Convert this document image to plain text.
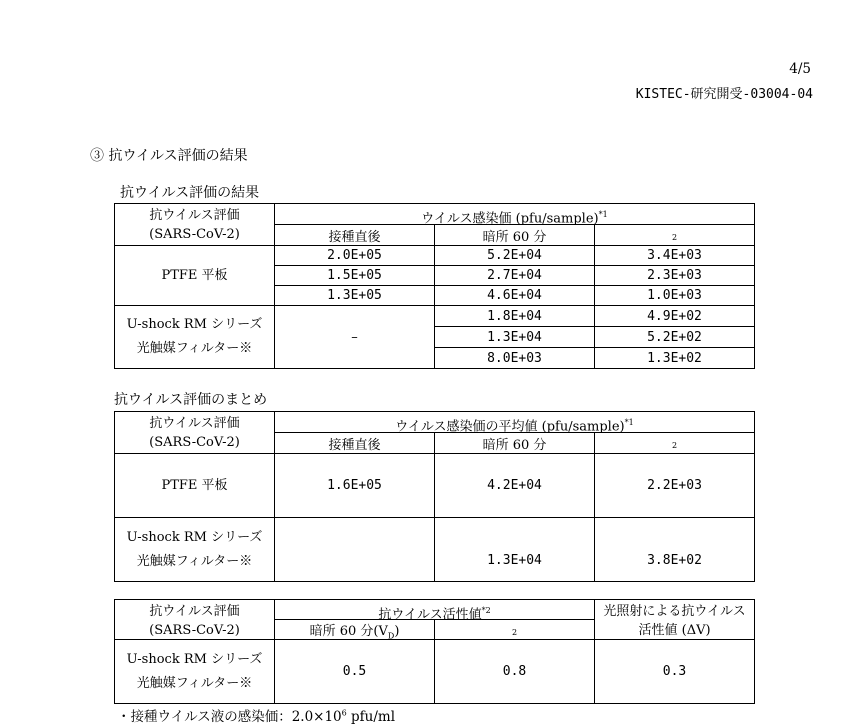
4/5
KISTEC-研究開受-03004-04
③ 抗ウイルス評価の結果
抗ウイルス評価の結果
抗ウイルス評価
(SARS-CoV-2)	ウイルス感染価 (pfu/sample)$^{*1}$

	接種直後	暗所 60 分	2

PTFE 平板	2.0E+05	5.2E+04	3.4E+03
	1.5E+05	2.7E+04	2.3E+03
	1.3E+05	4.6E+04	1.0E+03

U-shock RM シリーズ
光触媒フィルター※	–	1.8E+04	4.9E+02
		1.3E+04	5.2E+02
		8.0E+03	1.3E+02
抗ウイルス評価のまとめ
抗ウイルス評価
(SARS-CoV-2)	ウイルス感染価の平均値 (pfu/sample)$^{*1}$

	接種直後	暗所 60 分	2

PTFE 平板	1.6E+05	4.2E+04	2.2E+03

U-shock RM シリーズ
光触媒フィルター※		1.3E+04	3.8E+02
抗ウイルス評価
(SARS-CoV-2)	抗ウイルス活性値$^{*2}$		光照射による抗ウイルス
活性値 (ΔV)

	暗所 60 分$(V_D)$	2	

U-shock RM シリーズ
光触媒フィルター※	0.5	0.8	0.3
・接種ウイルス液の感染価：$2.0\times 10^6$ pfu/ml
